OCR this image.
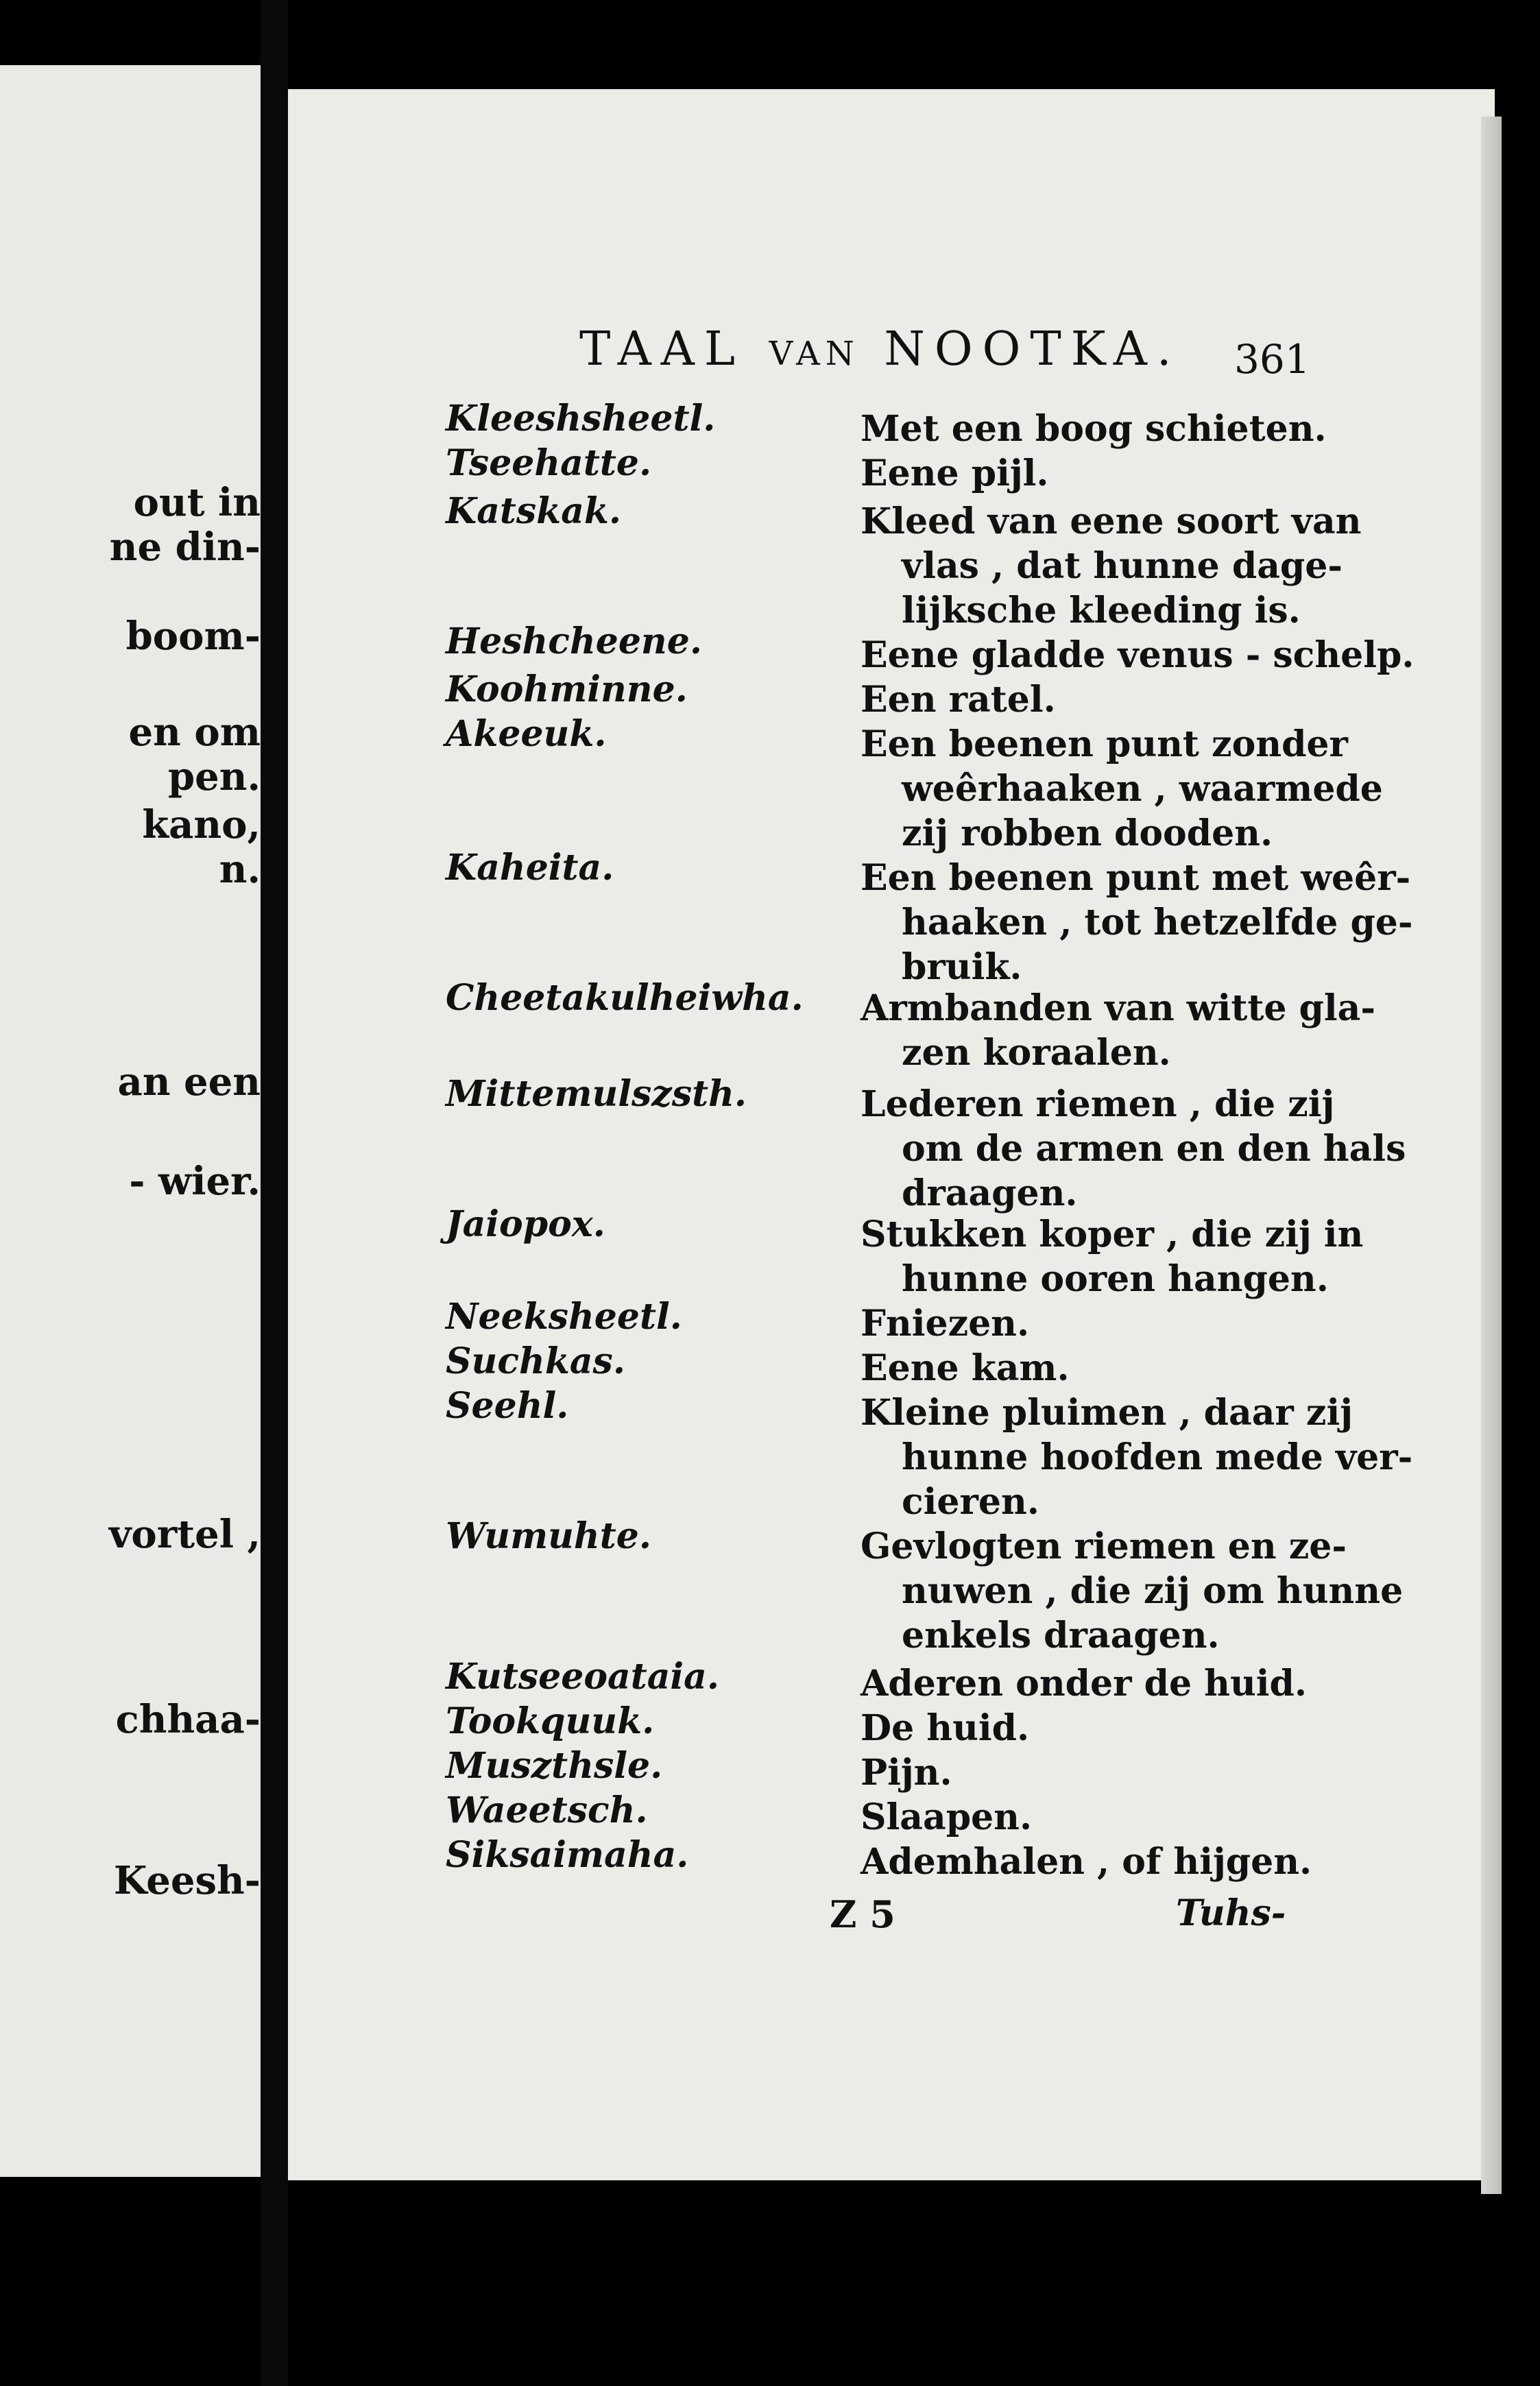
out in
ne din-
boom-
en om
pen.
kano,
n.
an een
- wier.
vortel ,
chhaa-
Keesh-
TAAL VAN NOOTKA. 361
Kleeshsheetl.	Met een boog schieten.
Tseehatte.	Eene pijl.
Katskak.	Kleed van eene soort van
vlas , dat hunne dage-
lijksche kleeding is.
Heshcheene.	Eene gladde venus - schelp.
Koohminne.	Een ratel.
Akeeuk.	Een beenen punt zonder
weêrhaaken , waarmede
zij robben dooden.
Kaheita.	Een beenen punt met weêr-
haaken , tot hetzelfde ge-
bruik.
Cheetakulheiwha. Armbanden van witte gla-
zen koraalen.
Mittemulszsth.	Lederen riemen , die zij
om de armen en den hals
draagen.
Jaiopox.	Stukken koper , die zij in
hunne ooren hangen.
Neeksheetl.	Fniezen.
Suchkas.	Eene kam.
Seehl.	Kleine pluimen , daar zij
hunne hoofden mede ver-
cieren.
Wumuhte.	Gevlogten riemen en ze-
nuwen , die zij om hunne
enkels draagen.
Kutseeoataia.	Aderen onder de huid.
Tookquuk.	De huid.
Muszthsle.	Pijn.
Waeetsch.	Slaapen.
Siksaimaha.	Ademhalen , of hijgen.
Z 5	Tuhs-
